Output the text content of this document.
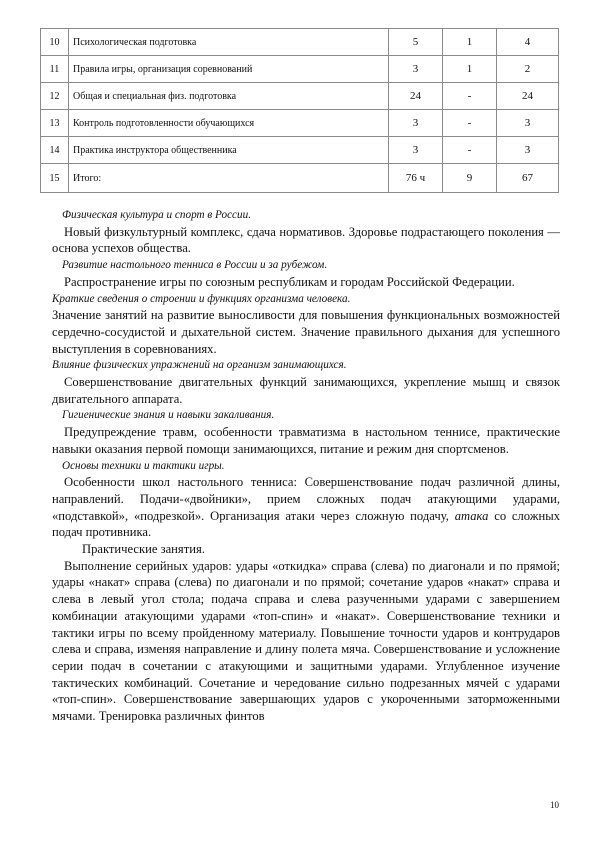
10	Психологическая подготовка	5	1	4
11	Правила игры, организация соревнований	3	1	2
12	Общая и специальная физ. подготовка	24	-	24
13	Контроль подготовленности обучающихся	3	-	3
14	Практика инструктора общественника	3	-	3
15	Итого:	76 ч	9	67

Физическая культура и спорт в России.

Новый физкультурный комплекс, сдача нормативов. Здоровье подрастающего поколения — основа успехов общества.

Развитие настольного тенниса в России и за рубежом.

Распространение игры по союзным республикам и городам Российской Федерации.

Краткие сведения о строении и функциях организма человека.

Значение занятий на развитие выносливости для повышения функциональных возможностей сердечно-сосудистой и дыхательной систем. Значение правильного дыхания для успешного выступления в соревнованиях.

Влияние физических упражнений на организм занимающихся.

Совершенствование двигательных функций занимающихся, укрепление мышц и связок двигательного аппарата.

Гигиенические знания и навыки закаливания.

Предупреждение травм, особенности травматизма в настольном теннисе, практические навыки оказания первой помощи занимающихся, питание и режим дня спортсменов.

Основы техники и тактики игры.

Особенности школ настольного тенниса: Совершенствование подач различной длины, направлений. Подачи-«двойники», прием сложных подач атакующими ударами, «подставкой», «подрезкой». Организация атаки через сложную подачу, атака со сложных подач противника.

Практические занятия.

Выполнение серийных ударов: удары «откидка» справа (слева) по диагонали и по прямой; удары «накат» справа (слева) по диагонали и по прямой; сочетание ударов «накат» справа и слева в левый угол стола; подача справа и слева разученными ударами с завершением комбинации атакующими ударами «топ-спин» и «накат». Совершенствование техники и тактики игры по всему пройденному материалу. Повышение точности ударов и контрударов слева и справа, изменяя направление и длину полета мяча. Совершенствование и усложнение серии подач в сочетании с атакующими и защитными ударами. Углубленное изучение тактических комбинаций. Сочетание и чередование сильно подрезанных мячей с ударами «топ-спин». Совершенствование завершающих ударов с укороченными заторможенными мячами. Тренировка различных финтов

10
